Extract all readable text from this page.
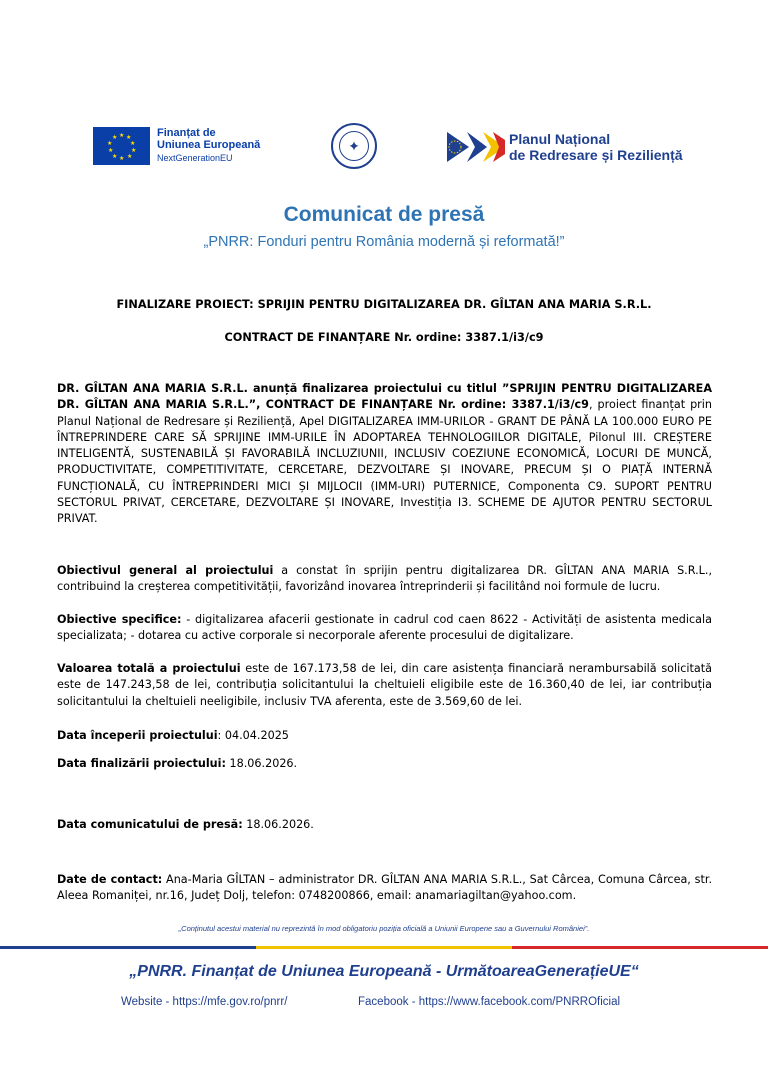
★ ★
★
★
★
★
★
★
★
★	Finanțat de
Uniunea Europeană
NextGenerationEU
✦	Planul Național
de Redresare și Reziliență
Comunicat de presă
„PNRR: Fonduri pentru România modernă și reformată!”
FINALIZARE PROIECT: SPRIJIN PENTRU DIGITALIZAREA DR. GÎLTAN ANA MARIA S.R.L.
CONTRACT DE FINANȚARE Nr. ordine: 3387.1/i3/c9
DR. GÎLTAN ANA MARIA S.R.L. anunță finalizarea proiectului cu titlul ”SPRIJIN PENTRU DIGITALIZAREA DR. GÎLTAN ANA MARIA S.R.L.”, CONTRACT DE FINANȚARE Nr. ordine: 3387.1/i3/c9, proiect finanțat prin Planul Național de Redresare și Reziliență, Apel DIGITALIZAREA IMM-URILOR - GRANT DE PÂNĂ LA 100.000 EURO PE ÎNTREPRINDERE CARE SĂ SPRIJINE IMM-URILE ÎN ADOPTAREA TEHNOLOGIILOR DIGITALE, Pilonul III. CREȘTERE INTELIGENTĂ, SUSTENABILĂ ȘI FAVORABILĂ INCLUZIUNII, INCLUSIV COEZIUNE ECONOMICĂ, LOCURI DE MUNCĂ, PRODUCTIVITATE, COMPETITIVITATE, CERCETARE, DEZVOLTARE ȘI INOVARE, PRECUM ȘI O PIAȚĂ INTERNĂ FUNCȚIONALĂ, CU ÎNTREPRINDERI MICI ȘI MIJLOCII (IMM-URI) PUTERNICE, Componenta C9. SUPORT PENTRU SECTORUL PRIVAT, CERCETARE, DEZVOLTARE ȘI INOVARE, Investiția I3. SCHEME DE AJUTOR PENTRU SECTORUL PRIVAT.
Obiectivul general al proiectului a constat în sprijin pentru digitalizarea DR. GÎLTAN ANA MARIA S.R.L., contribuind la creșterea competitivității, favorizând inovarea întreprinderii și facilitând noi formule de lucru.
Obiective specifice: - digitalizarea afacerii gestionate in cadrul cod caen 8622 - Activități de asistenta medicala specializata; - dotarea cu active corporale si necorporale aferente procesului de digitalizare.
Valoarea totală a proiectului este de 167.173,58 de lei, din care asistența financiară nerambursabilă solicitată este de 147.243,58 de lei, contribuția solicitantului la cheltuieli eligibile este de 16.360,40 de lei, iar contribuția solicitantului la cheltuieli neeligibile, inclusiv TVA aferenta, este de 3.569,60 de lei.
Data începerii proiectului: 04.04.2025
Data finalizării proiectului: 18.06.2026.
Data comunicatului de presă: 18.06.2026.
Date de contact: Ana-Maria GÎLTAN – administrator DR. GÎLTAN ANA MARIA S.R.L., Sat Cârcea, Comuna Cârcea, str. Aleea Romaniței, nr.16, Județ Dolj, telefon: 0748200866, email: anamariagiltan@yahoo.com.
„Conținutul acestui material nu reprezintă în mod obligatoriu poziția oficială a Uniunii Europene sau a Guvernului României”.
„PNRR. Finanțat de Uniunea Europeană - UrmătoareaGenerațieUE“
Website - https://mfe.gov.ro/pnrr/	Facebook - https://www.facebook.com/PNRROficial
